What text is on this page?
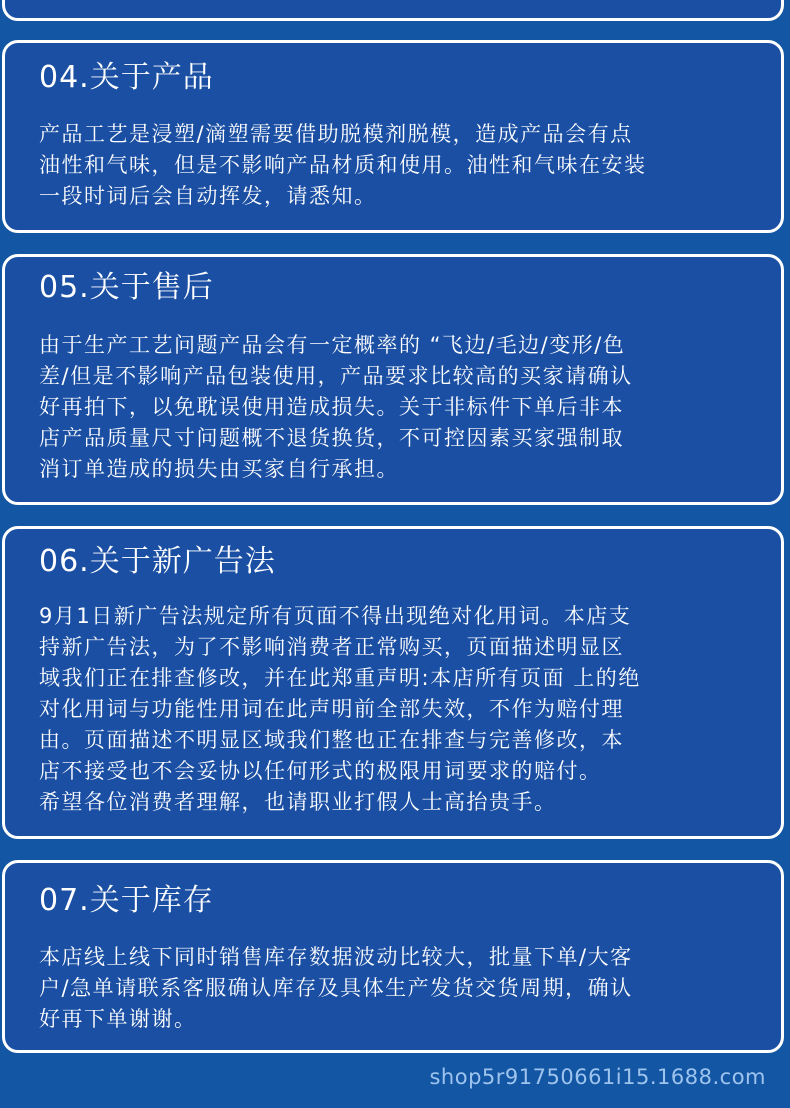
04.关于产品
产品工艺是浸塑/滴塑需要借助脱模剂脱模，造成产品会有点
油性和气味，但是不影响产品材质和使用。油性和气味在安装
一段时词后会自动挥发，请悉知。
05.关于售后
由于生产工艺问题产品会有一定概率的 “飞边/毛边/变形/色
差/但是不影响产品包装使用，产品要求比较高的买家请确认
好再拍下，以免耽误使用造成损失。关于非标件下单后非本
店产品质量尺寸问题概不退货换货，不可控因素买家强制取
消订单造成的损失由买家自行承担。
06.关于新广告法
9月1日新广告法规定所有页面不得出现绝对化用词。本店支
持新广告法，为了不影响消费者正常购买，页面描述明显区
域我们正在排查修改，并在此郑重声明:本店所有页面 上的绝
对化用词与功能性用词在此声明前全部失效，不作为赔付理
由。页面描述不明显区域我们整也正在排查与完善修改，本
店不接受也不会妥协以任何形式的极限用词要求的赔付。
希望各位消费者理解，也请职业打假人士高抬贵手。
07.关于库存
本店线上线下同时销售库存数据波动比较大，批量下单/大客
户/急单请联系客服确认库存及具体生产发货交货周期，确认
好再下单谢谢。
shop5r91750661i15.1688.com
